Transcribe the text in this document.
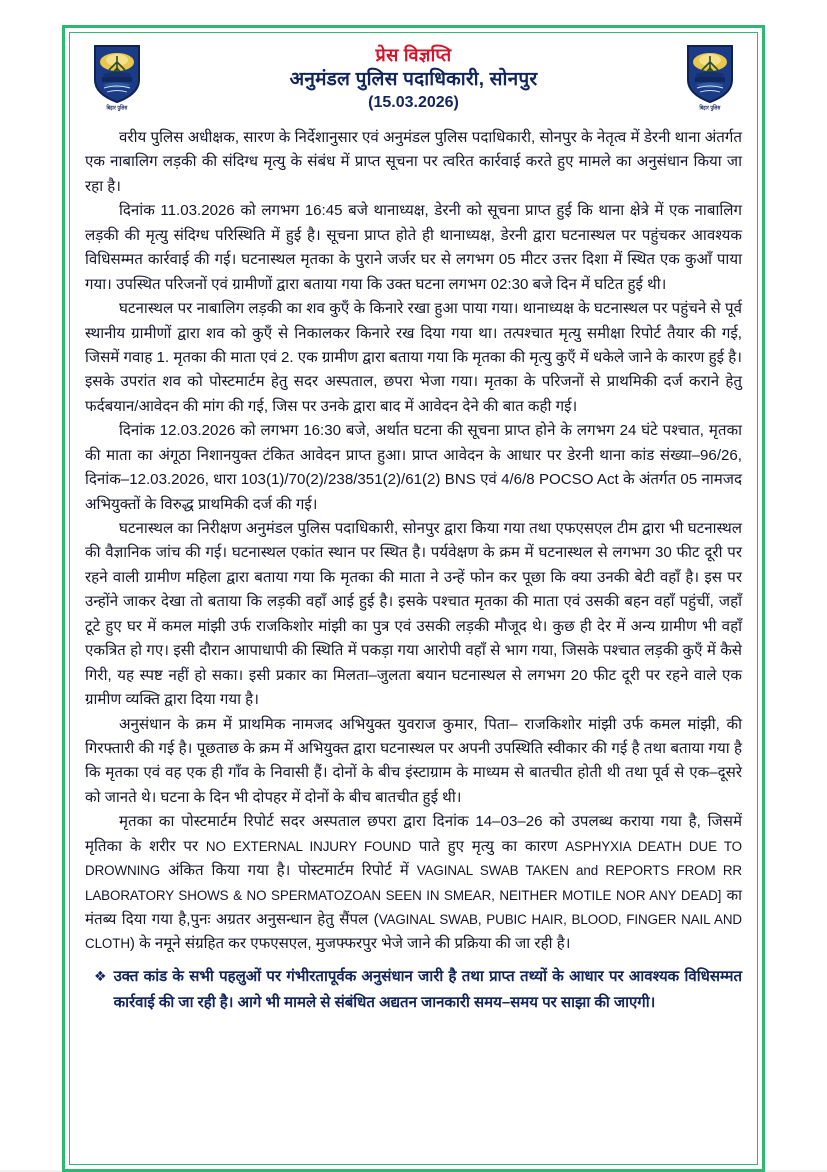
बिहार पुलिस	बिहार पुलिस
प्रेस विज्ञप्ति
अनुमंडल पुलिस पदाधिकारी, सोनपुर
(15.03.2026)

वरीय पुलिस अधीक्षक, सारण के निर्देशानुसार एवं अनुमंडल पुलिस पदाधिकारी, सोनपुर के नेतृत्व में डेरनी थाना अंतर्गत एक नाबालिग लड़की की संदिग्ध मृत्यु के संबंध में प्राप्त सूचना पर त्वरित कार्रवाई करते हुए मामले का अनुसंधान किया जा रहा है।

दिनांक 11.03.2026 को लगभग 16:45 बजे थानाध्यक्ष, डेरनी को सूचना प्राप्त हुई कि थाना क्षेत्रे में एक नाबालिग लड़की की मृत्यु संदिग्ध परिस्थिति में हुई है। सूचना प्राप्त होते ही थानाध्यक्ष, डेरनी द्वारा घटनास्थल पर पहुंचकर आवश्यक विधिसम्मत कार्रवाई की गई। घटनास्थल मृतका के पुराने जर्जर घर से लगभग 05 मीटर उत्तर दिशा में स्थित एक कुआँ पाया गया। उपस्थित परिजनों एवं ग्रामीणों द्वारा बताया गया कि उक्त घटना लगभग 02:30 बजे दिन में घटित हुई थी।

घटनास्थल पर नाबालिग लड़की का शव कुएँ के किनारे रखा हुआ पाया गया। थानाध्यक्ष के घटनास्थल पर पहुंचने से पूर्व स्थानीय ग्रामीणों द्वारा शव को कुएँ से निकालकर किनारे रख दिया गया था। तत्पश्चात मृत्यु समीक्षा रिपोर्ट तैयार की गई, जिसमें गवाह 1. मृतका की माता एवं 2. एक ग्रामीण द्वारा बताया गया कि मृतका की मृत्यु कुएँ में धकेले जाने के कारण हुई है। इसके उपरांत शव को पोस्टमार्टम हेतु सदर अस्पताल, छपरा भेजा गया। मृतका के परिजनों से प्राथमिकी दर्ज कराने हेतु फर्दबयान/आवेदन की मांग की गई, जिस पर उनके द्वारा बाद में आवेदन देने की बात कही गई।

दिनांक 12.03.2026 को लगभग 16:30 बजे, अर्थात घटना की सूचना प्राप्त होने के लगभग 24 घंटे पश्चात, मृतका की माता का अंगूठा निशानयुक्त टंकित आवेदन प्राप्त हुआ। प्राप्त आवेदन के आधार पर डेरनी थाना कांड संख्या–96/26, दिनांक–12.03.2026, धारा 103(1)/70(2)/238/351(2)/61(2) BNS एवं 4/6/8 POCSO Act के अंतर्गत 05 नामजद अभियुक्तों के विरुद्ध प्राथमिकी दर्ज की गई।

घटनास्थल का निरीक्षण अनुमंडल पुलिस पदाधिकारी, सोनपुर द्वारा किया गया तथा एफएसएल टीम द्वारा भी घटनास्थल की वैज्ञानिक जांच की गई। घटनास्थल एकांत स्थान पर स्थित है। पर्यवेक्षण के क्रम में घटनास्थल से लगभग 30 फीट दूरी पर रहने वाली ग्रामीण महिला द्वारा बताया गया कि मृतका की माता ने उन्हें फोन कर पूछा कि क्या उनकी बेटी वहाँ है। इस पर उन्होंने जाकर देखा तो बताया कि लड़की वहाँ आई हुई है। इसके पश्चात मृतका की माता एवं उसकी बहन वहाँ पहुंचीं, जहाँ टूटे हुए घर में कमल मांझी उर्फ राजकिशोर मांझी का पुत्र एवं उसकी लड़की मौजूद थे। कुछ ही देर में अन्य ग्रामीण भी वहाँ एकत्रित हो गए। इसी दौरान आपाधापी की स्थिति में पकड़ा गया आरोपी वहाँ से भाग गया, जिसके पश्चात लड़की कुएँ में कैसे गिरी, यह स्पष्ट नहीं हो सका। इसी प्रकार का मिलता–जुलता बयान घटनास्थल से लगभग 20 फीट दूरी पर रहने वाले एक ग्रामीण व्यक्ति द्वारा दिया गया है।

अनुसंधान के क्रम में प्राथमिक नामजद अभियुक्त युवराज कुमार, पिता– राजकिशोर मांझी उर्फ कमल मांझी, की गिरफ्तारी की गई है। पूछताछ के क्रम में अभियुक्त द्वारा घटनास्थल पर अपनी उपस्थिति स्वीकार की गई है तथा बताया गया है कि मृतका एवं वह एक ही गाँव के निवासी हैं। दोनों के बीच इंस्टाग्राम के माध्यम से बातचीत होती थी तथा पूर्व से एक–दूसरे को जानते थे। घटना के दिन भी दोपहर में दोनों के बीच बातचीत हुई थी।

मृतका का पोस्टमार्टम रिपोर्ट सदर अस्पताल छपरा द्वारा दिनांक 14–03–26 को उपलब्ध कराया गया है, जिसमें मृतिका के शरीर पर NO EXTERNAL INJURY FOUND पाते हुए मृत्यु का कारण ASPHYXIA DEATH DUE TO DROWNING अंकित किया गया है। पोस्टमार्टम रिपोर्ट में VAGINAL SWAB TAKEN and REPORTS FROM RR LABORATORY SHOWS & NO SPERMATOZOAN SEEN IN SMEAR, NEITHER MOTILE NOR ANY DEAD] का मंतब्य दिया गया है,पुनः अग्रतर अनुसन्धान हेतु सैंपल (VAGINAL SWAB, PUBIC HAIR, BLOOD, FINGER NAIL AND CLOTH) के नमूने संग्रहित कर एफएसएल, मुजफ्फरपुर भेजे जाने की प्रक्रिया की जा रही है।

❖ उक्त कांड के सभी पहलुओं पर गंभीरतापूर्वक अनुसंधान जारी है तथा प्राप्त तथ्यों के आधार पर आवश्यक विधिसम्मत कार्रवाई की जा रही है। आगे भी मामले से संबंधित अद्यतन जानकारी समय–समय पर साझा की जाएगी।
